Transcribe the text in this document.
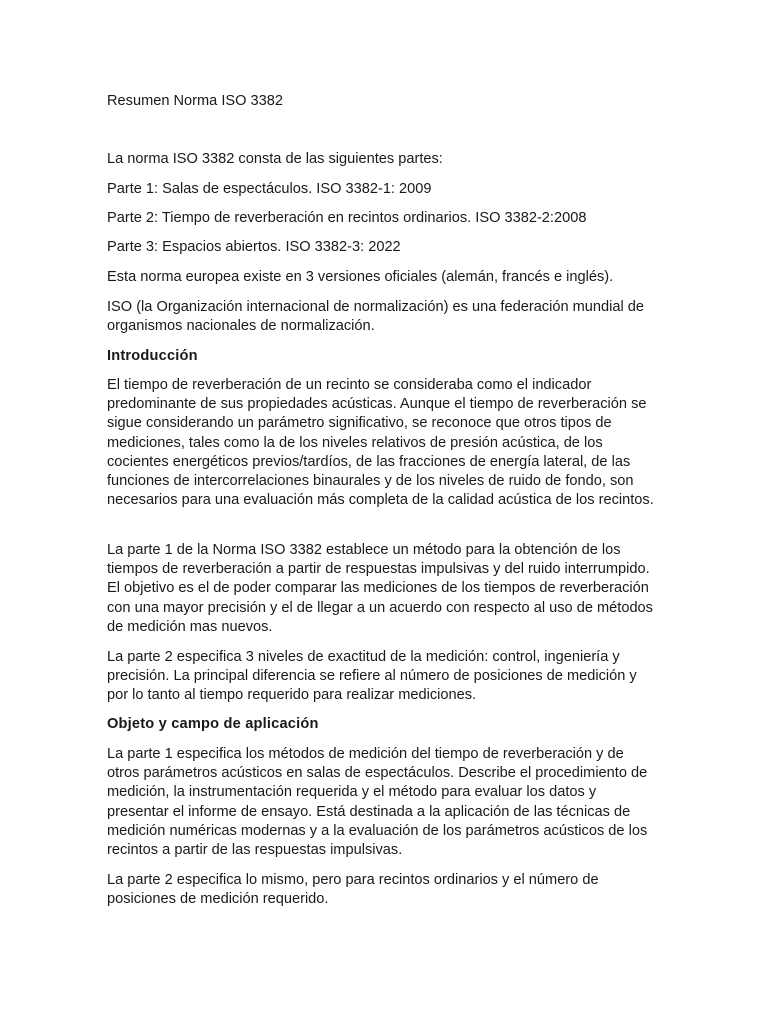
Resumen Norma ISO 3382

La norma ISO 3382 consta de las siguientes partes:

Parte 1: Salas de espectáculos. ISO 3382-1: 2009

Parte 2: Tiempo de reverberación en recintos ordinarios. ISO 3382-2:2008

Parte 3: Espacios abiertos. ISO 3382-3: 2022

Esta norma europea existe en 3 versiones oficiales (alemán, francés e inglés).

ISO (la Organización internacional de normalización) es una federación mundial de organismos nacionales de normalización.

Introducción

El tiempo de reverberación de un recinto se consideraba como el indicador predominante de sus propiedades acústicas. Aunque el tiempo de reverberación se sigue considerando un parámetro significativo, se reconoce que otros tipos de mediciones, tales como la de los niveles relativos de presión acústica, de los cocientes energéticos previos/tardíos, de las fracciones de energía lateral, de las funciones de intercorrelaciones binaurales y de los niveles de ruido de fondo, son necesarios para una evaluación más completa de la calidad acústica de los recintos.

La parte 1 de la Norma ISO 3382 establece un método para la obtención de los tiempos de reverberación a partir de respuestas impulsivas y del ruido interrumpido. El objetivo es el de poder comparar las mediciones de los tiempos de reverberación con una mayor precisión y el de llegar a un acuerdo con respecto al uso de métodos de medición mas nuevos.

La parte 2 especifica 3 niveles de exactitud de la medición: control, ingeniería y precisión. La principal diferencia se refiere al número de posiciones de medición y por lo tanto al tiempo requerido para realizar mediciones.

Objeto y campo de aplicación

La parte 1 especifica los métodos de medición del tiempo de reverberación y de otros parámetros acústicos en salas de espectáculos. Describe el procedimiento de medición, la instrumentación requerida y el método para evaluar los datos y presentar el informe de ensayo. Está destinada a la aplicación de las técnicas de medición numéricas modernas y a la evaluación de los parámetros acústicos de los recintos a partir de las respuestas impulsivas.

La parte 2 especifica lo mismo, pero para recintos ordinarios y el número de posiciones de medición requerido.
